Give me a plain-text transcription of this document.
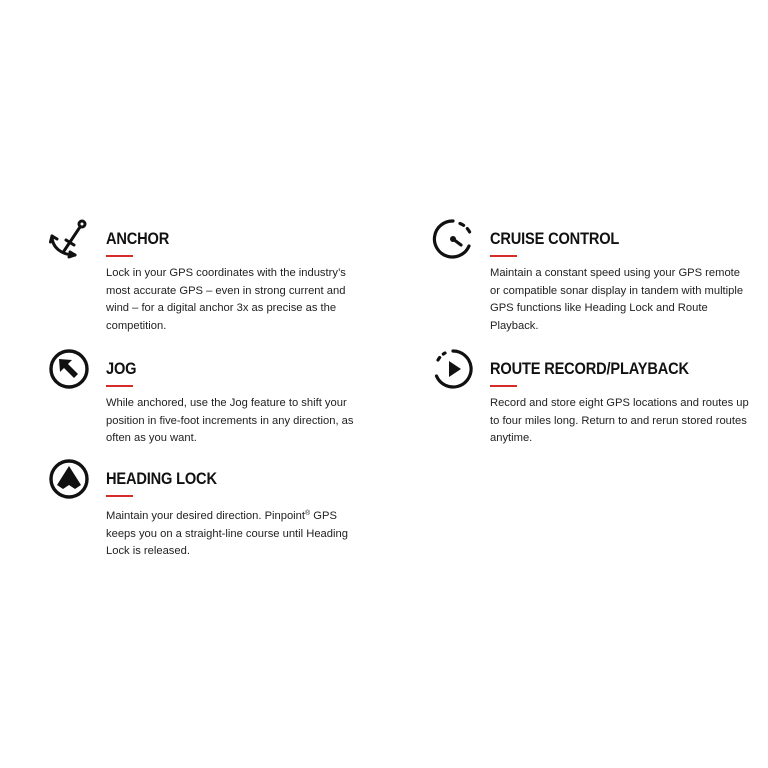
ANCHOR

Lock in your GPS coordinates with the industry’s most accurate GPS – even in strong current and wind – for a digital anchor 3x as precise as the competition.

CRUISE CONTROL

Maintain a constant speed using your GPS remote or compatible sonar display in tandem with multiple GPS functions like Heading Lock and Route Playback.

JOG

While anchored, use the Jog feature to shift your position in five-foot increments in any direction, as often as you want.

ROUTE RECORD/PLAYBACK

Record and store eight GPS locations and routes up to four miles long. Return to and rerun stored routes anytime.

HEADING LOCK

Maintain your desired direction. Pinpoint® GPS keeps you on a straight-line course until Heading Lock is released.
